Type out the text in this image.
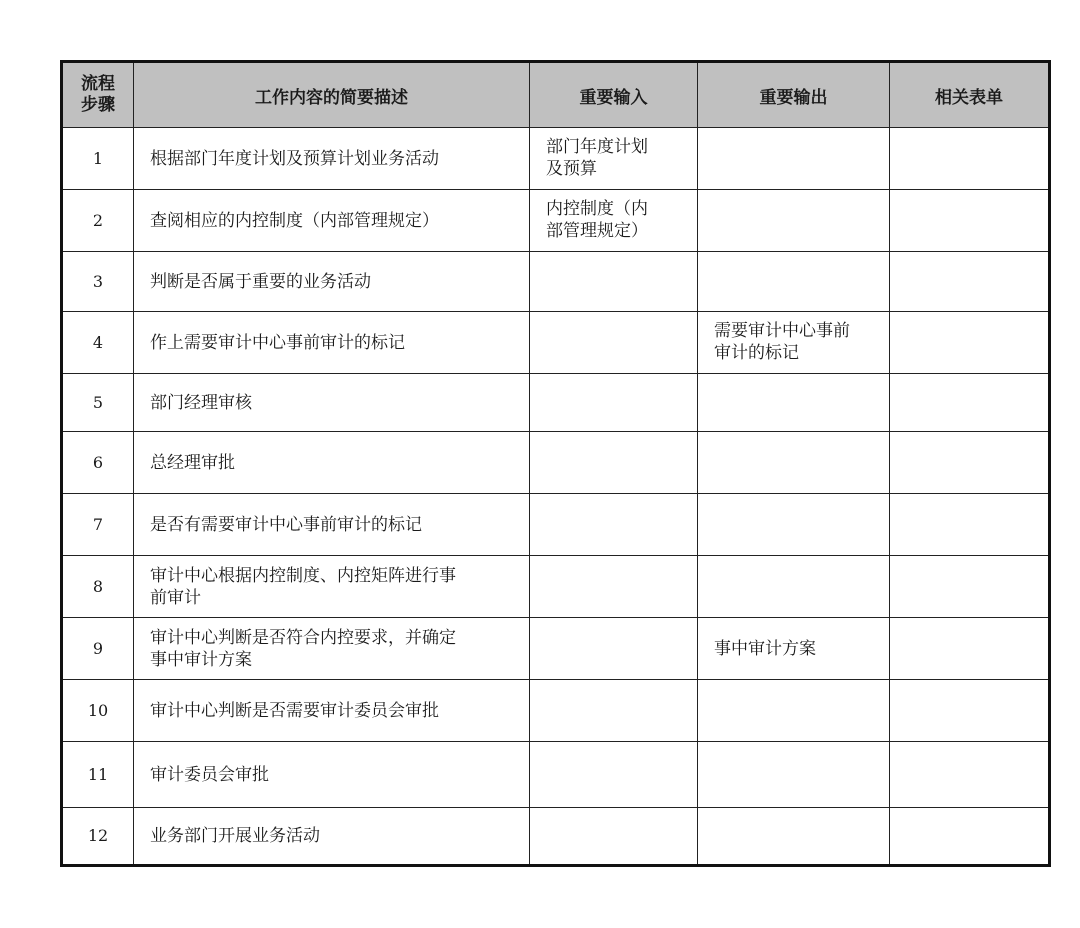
流程
步骤	工作内容的简要描述	重要输入	重要输出	相关表单
1	根据部门年度计划及预算计划业务活动	部门年度计划
及预算		
2	查阅相应的内控制度（内部管理规定）	内控制度（内
部管理规定）		
3	判断是否属于重要的业务活动			
4	作上需要审计中心事前审计的标记		需要审计中心事前
审计的标记	
5	部门经理审核			
6	总经理审批			
7	是否有需要审计中心事前审计的标记			
8	审计中心根据内控制度、内控矩阵进行事
前审计			
9	审计中心判断是否符合内控要求，并确定
事中审计方案		事中审计方案	
10	审计中心判断是否需要审计委员会审批			
11	审计委员会审批			
12	业务部门开展业务活动			
